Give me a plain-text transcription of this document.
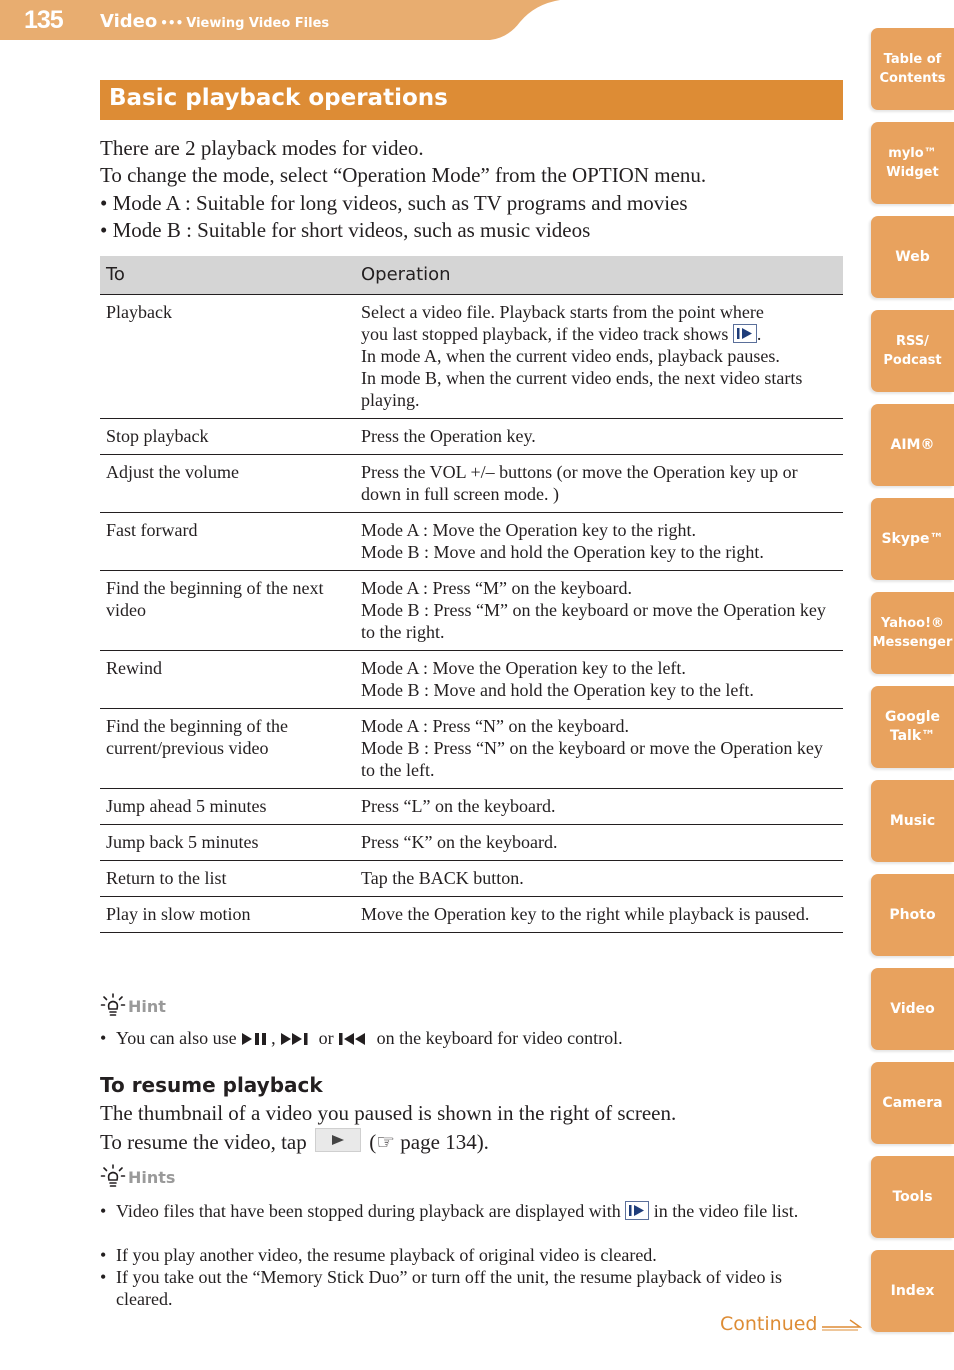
135 Video ••• Viewing Video Files
Basic playback operations
There are 2 playback modes for video.
To change the mode, select “Operation Mode” from the OPTION menu.
• Mode A : Suitable for long videos, such as TV programs and movies
• Mode B : Suitable for short videos, such as music videos
To	Operation
Playback	Select a video file. Playback starts from the point where
you last stopped playback, if the video track shows .
In mode A, when the current video ends, playback pauses.
In mode B, when the current video ends, the next video starts playing.
Stop playback	Press the Operation key.
Adjust the volume	Press the VOL +/– buttons (or move the Operation key up or down in full screen mode. )
Fast forward	Mode A : Move the Operation key to the right.
Mode B : Move and hold the Operation key to the right.
Find the beginning of the next video	Mode A : Press “M” on the keyboard.
Mode B : Press “M” on the keyboard or move the Operation key to the right.
Rewind	Mode A : Move the Operation key to the left.
Mode B : Move and hold the Operation key to the left.
Find the beginning of the current/previous video	Mode A : Press “N” on the keyboard.
Mode B : Press “N” on the keyboard or move the Operation key to the left.
Jump ahead 5 minutes	Press “L” on the keyboard.
Jump back 5 minutes	Press “K” on the keyboard.
Return to the list	Tap the BACK button.
Play in slow motion	Move the Operation key to the right while playback is paused.
Hint
• You can also use , or on the keyboard for video control.
To resume playback
The thumbnail of a video you paused is shown in the right of screen.
To resume the video, tap	(☞ page 134).
Hints
• Video files that have been stopped during playback are displayed with in the video file list.
• If you play another video, the resume playback of original video is cleared.
• If you take out the “Memory Stick Duo” or turn off the unit, the resume playback of video is cleared.
Continued
Table of
Contents
mylo™
Widget
Web
RSS/
Podcast
AIM®
Skype™
Yahoo!®
Messenger
Google
Talk™
Music
Photo
Video
Camera
Tools
Index
